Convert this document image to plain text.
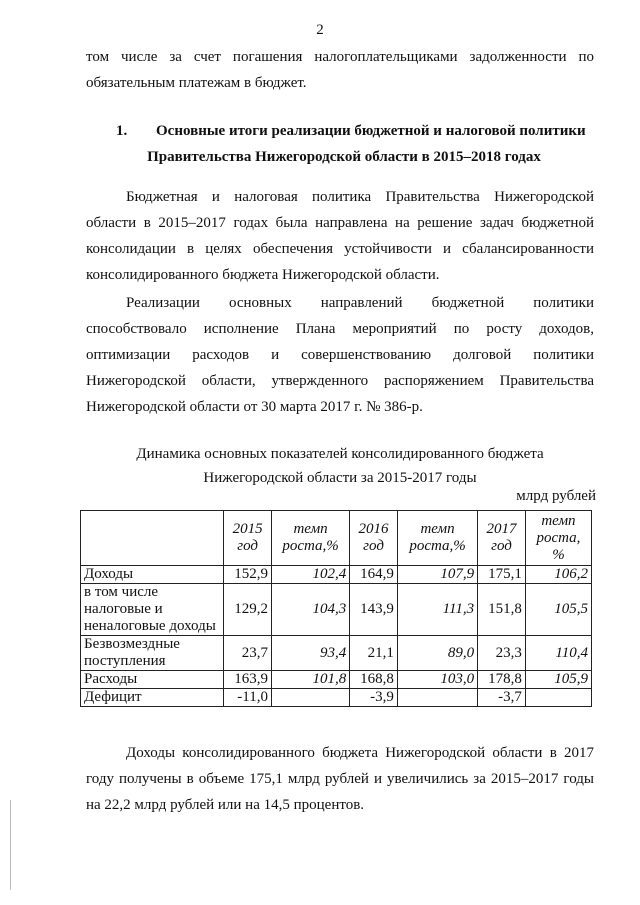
2
том числе за счет погашения налогоплательщиками задолженности по обязательным платежам в бюджет.
1. Основные итоги реализации бюджетной и налоговой политики
Правительства Нижегородской области в 2015–2018 годах
Бюджетная и налоговая политика Правительства Нижегородской области в 2015–2017 годах была направлена на решение задач бюджетной консолидации в целях обеспечения устойчивости и сбалансированности консолидированного бюджета Нижегородской области.
Реализации основных направлений бюджетной политики способствовало исполнение Плана мероприятий по росту доходов, оптимизации расходов и совершенствованию долговой политики Нижегородской области, утвержденного распоряжением Правительства Нижегородской области от 30 марта 2017 г. № 386-р.
Динамика основных показателей консолидированного бюджета
Нижегородской области за 2015-2017 годы
млрд рублей
	2015 год	темп роста,%	2016 год	темп роста,%	2017 год	темп роста, %
Доходы	152,9	102,4	164,9	107,9	175,1	106,2
в том числе налоговые и неналоговые доходы	129,2	104,3	143,9	111,3	151,8	105,5
Безвозмездные поступления	23,7	93,4	21,1	89,0	23,3	110,4
Расходы	163,9	101,8	168,8	103,0	178,8	105,9
Дефицит	-11,0		-3,9		-3,7	
Доходы консолидированного бюджета Нижегородской области в 2017 году получены в объеме 175,1 млрд рублей и увеличились за 2015–2017 годы на 22,2 млрд рублей или на 14,5 процентов.
